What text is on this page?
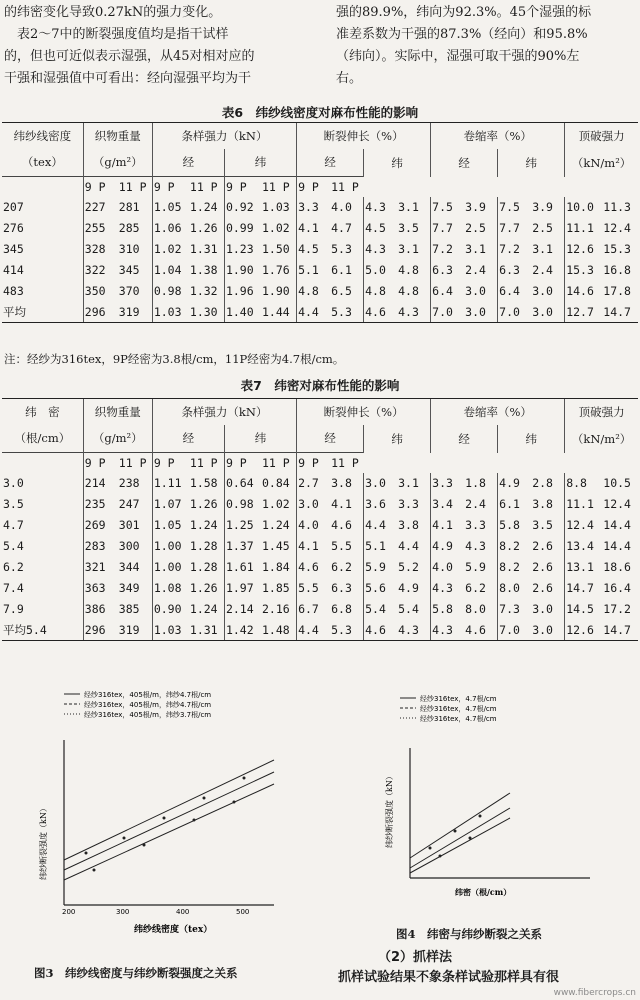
的纬密变化导致0.27kN的强力变化。

　表2～7中的断裂强度值均是指干试样

的，但也可近似表示湿强，从45对相对应的

干强和湿强值中可看出：经向湿强平均为干

强的89.9%，纬向为92.3%。45个湿强的标

准差系数为干强的87.3%（经向）和95.8%

（纬向）。实际中，湿强可取干强的90%左

右。

表6　纬纱线密度对麻布性能的影响
纬纱线密度	织物重量		条样强力（kN）				断裂伸长（%）				卷缩率（%）				顶破强力	
（tex）	（g/m²）		经		纬		经		纬		经		纬		（kN/m²）	
	9 P	11 P	9 P	11 P	9 P	11 P	9 P	11 P								
207	227	281	1.05	1.24	0.92	1.03	3.3	4.0	4.3	3.1	7.5	3.9	7.5	3.9	10.0	11.3
276	255	285	1.06	1.26	0.99	1.02	4.1	4.7	4.5	3.5	7.7	2.5	7.7	2.5	11.1	12.4
345	328	310	1.02	1.31	1.23	1.50	4.5	5.3	4.3	3.1	7.2	3.1	7.2	3.1	12.6	15.3
414	322	345	1.04	1.38	1.90	1.76	5.1	6.1	5.0	4.8	6.3	2.4	6.3	2.4	15.3	16.8
483	350	370	0.98	1.32	1.96	1.90	4.8	6.5	4.8	4.8	6.4	3.0	6.4	3.0	14.6	17.8
平均	296	319	1.03	1.30	1.40	1.44	4.4	5.3	4.6	4.3	7.0	3.0	7.0	3.0	12.7	14.7
注：经纱为316tex，9P经密为3.8根/cm，11P经密为4.7根/cm。
表7　纬密对麻布性能的影响
纬　密	织物重量		条样强力（kN）				断裂伸长（%）				卷缩率（%）				顶破强力	
（根/cm）	（g/m²）		经		纬		经		纬		经		纬		（kN/m²）	
	9 P	11 P	9 P	11 P	9 P	11 P	9 P	11 P								
3.0	214	238	1.11	1.58	0.64	0.84	2.7	3.8	3.0	3.1	3.3	1.8	4.9	2.8	8.8	10.5
3.5	235	247	1.07	1.26	0.98	1.02	3.0	4.1	3.6	3.3	3.4	2.4	6.1	3.8	11.1	12.4
4.7	269	301	1.05	1.24	1.25	1.24	4.0	4.6	4.4	3.8	4.1	3.3	5.8	3.5	12.4	14.4
5.4	283	300	1.00	1.28	1.37	1.45	4.1	5.5	5.1	4.4	4.9	4.3	8.2	2.6	13.4	14.4
6.2	321	344	1.00	1.28	1.61	1.84	4.6	6.2	5.9	5.2	4.0	5.9	8.2	2.6	13.1	18.6
7.4	363	349	1.08	1.26	1.97	1.85	5.5	6.3	5.6	4.9	4.3	6.2	8.0	2.6	14.7	16.4
7.9	386	385	0.90	1.24	2.14	2.16	6.7	6.8	5.4	5.4	5.8	8.0	7.3	3.0	14.5	17.2
平均5.4	296	319	1.03	1.31	1.42	1.48	4.4	5.3	4.6	4.3	4.3	4.6	7.0	3.0	12.6	14.7
经纱316tex，405根/m，纬纱4.7根/cm
经纱316tex，405根/m，纬纱4.7根/cm
经纱316tex，405根/m，纬纱3.7根/cm
200	300	400	500
纬纱线密度（tex）
纬纱断裂强度（kN）
图3　纬纱线密度与纬纱断裂强度之关系
经纱316tex，4.7根/cm
经纱316tex，4.7根/cm
经纱316tex，4.7根/cm
纬密（根/cm）
纬纱断裂强度（kN）
图4　纬密与纬纱断裂之关系
（2）抓样法
抓样试验结果不象条样试验那样具有很
www.fibercrops.cn
